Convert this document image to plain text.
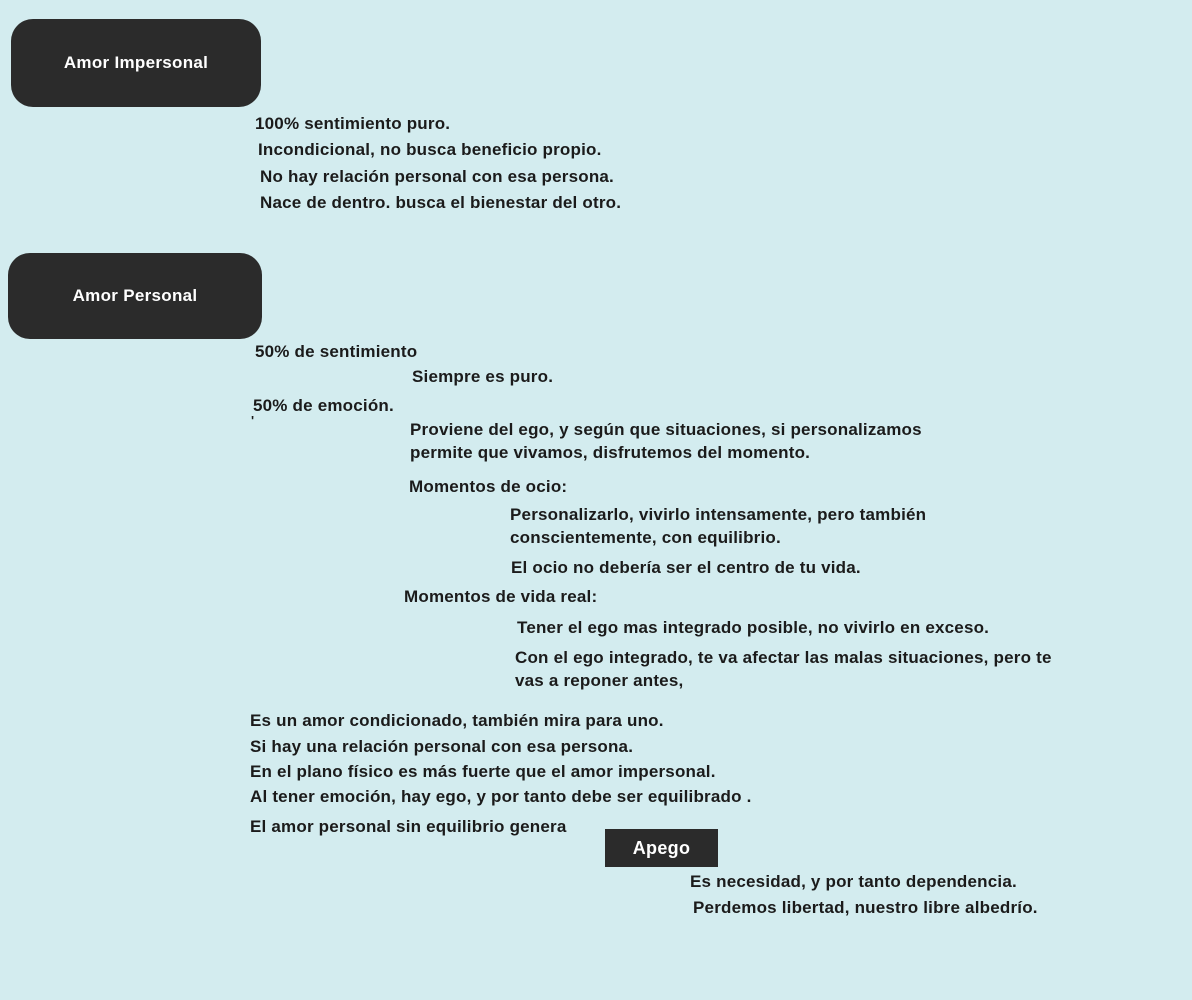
Amor Impersonal
Amor Personal
Apego
100% sentimiento puro.
Incondicional, no busca beneficio propio.
No hay relación personal con esa persona.
Nace de dentro. busca el bienestar del otro.
50% de sentimiento
Siempre es puro.
50% de emoción.
'	Proviene del ego, y según que situaciones, si personalizamos
permite que vivamos, disfrutemos del momento.
Momentos de ocio:
Personalizarlo, vivirlo intensamente, pero también
conscientemente, con equilibrio.
El ocio no debería ser el centro de tu vida.
Momentos de vida real:
Tener el ego mas integrado posible, no vivirlo en exceso.
Con el ego integrado, te va afectar las malas situaciones, pero te
vas a reponer antes,
Es un amor condicionado, también mira para uno.
Si hay una relación personal con esa persona.
En el plano físico es más fuerte que el amor impersonal.
Al tener emoción, hay ego, y por tanto debe ser equilibrado .
El amor personal sin equilibrio genera
Es necesidad, y por tanto dependencia.
Perdemos libertad, nuestro libre albedrío.
